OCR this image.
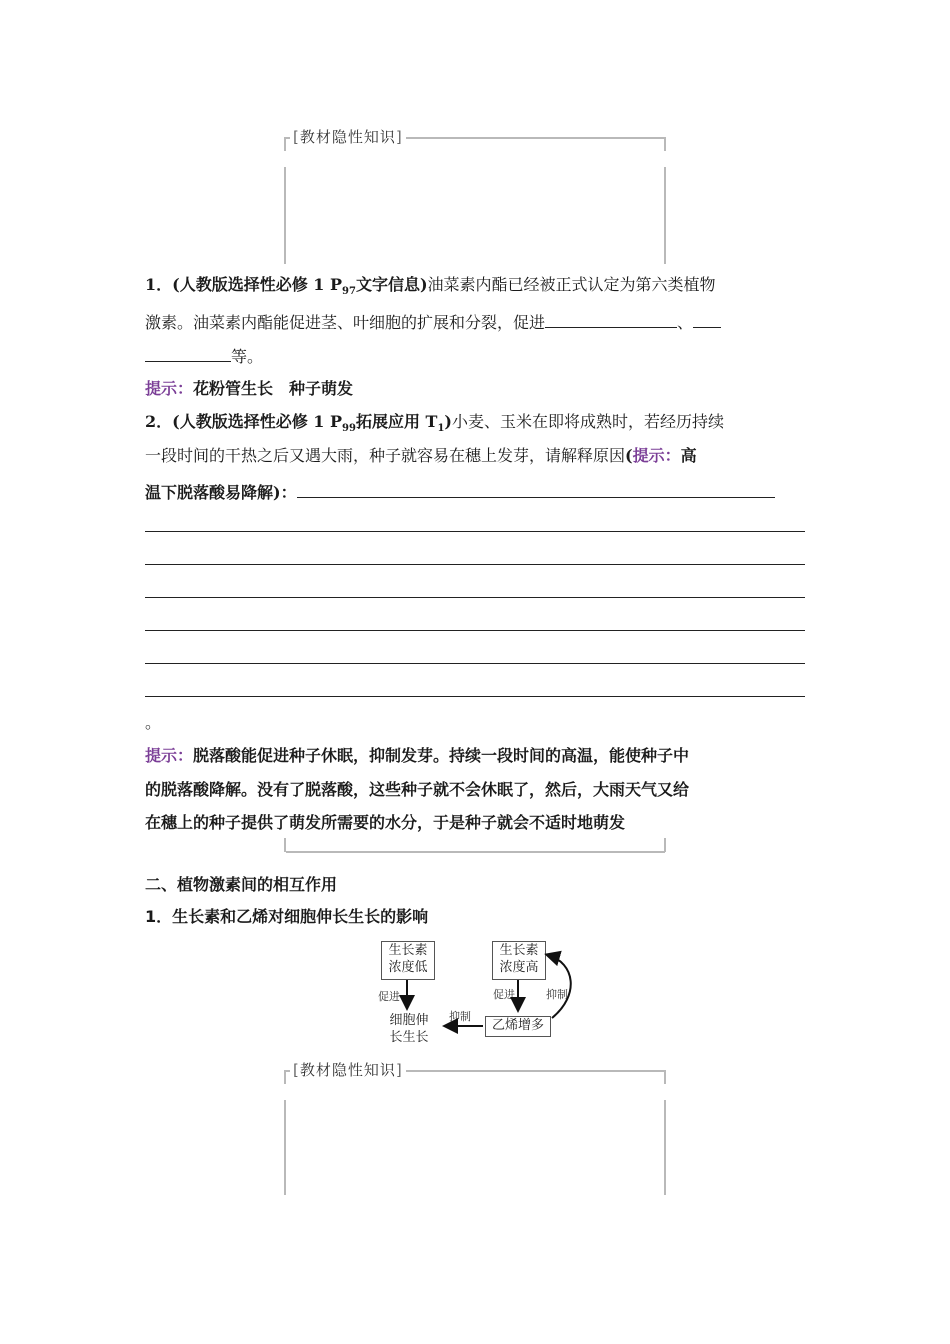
[教材隐性知识]
1．(人教版选择性必修 1 $P_{97}$文字信息)油菜素内酯已经被正式认定为第六类植物
激素。油菜素内酯能促进茎、叶细胞的扩展和分裂，促进	、
等。
提示：花粉管生长　种子萌发
2．(人教版选择性必修 1 $P_{99}$拓展应用 $T_1$)小麦、玉米在即将成熟时，若经历持续
一段时间的干热之后又遇大雨，种子就容易在穗上发芽，请解释原因(提示：高
温下脱落酸易降解)：
。
提示：脱落酸能促进种子休眠，抑制发芽。持续一段时间的高温，能使种子中
的脱落酸降解。没有了脱落酸，这些种子就不会休眠了，然后，大雨天气又给
在穗上的种子提供了萌发所需要的水分，于是种子就会不适时地萌发
二、植物激素间的相互作用
1．生长素和乙烯对细胞伸长生长的影响
生长素
浓度低
生长素
浓度高
促进	促进	抑制
抑制
细胞伸
长生长
乙烯增多
[教材隐性知识]
